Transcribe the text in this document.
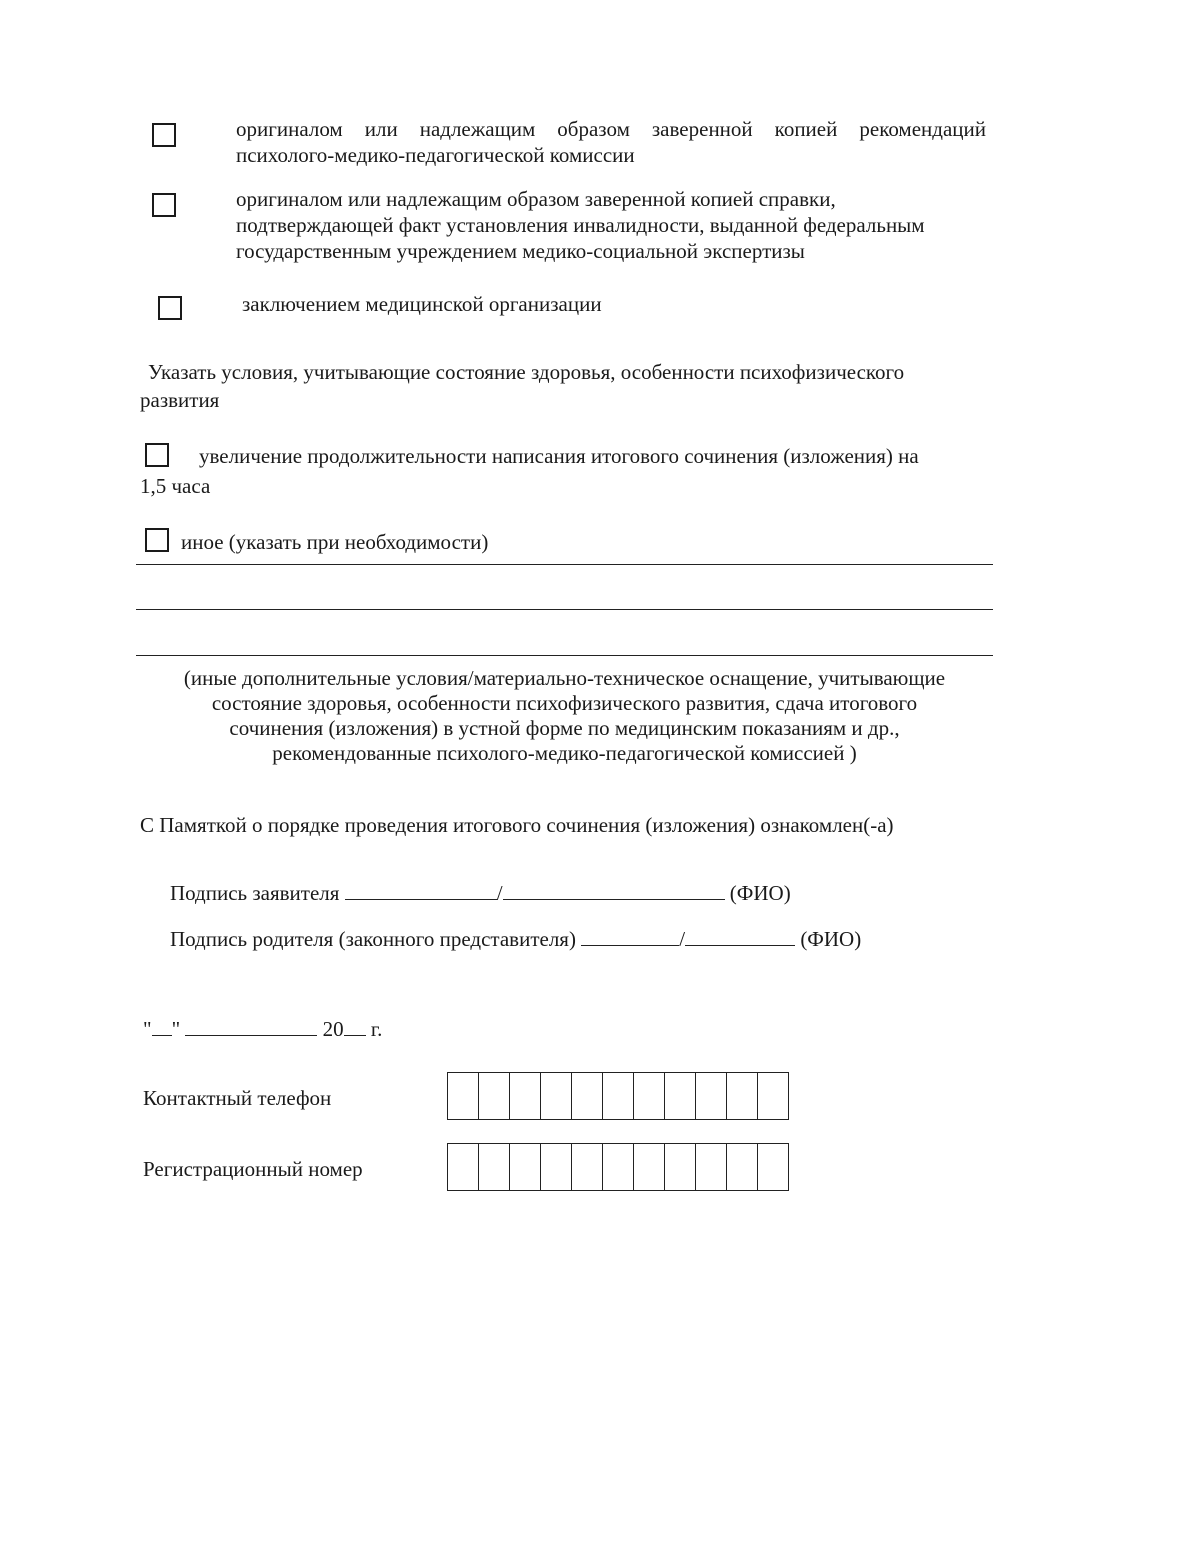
оригиналом или надлежащим образом заверенной копией рекомендаций психолого-медико-педагогической комиссии
оригиналом или надлежащим образом заверенной копией справки,
подтверждающей факт установления инвалидности, выданной федеральным
государственным учреждением медико-социальной экспертизы
заключением медицинской организации
Указать условия, учитывающие состояние здоровья, особенности психофизического
развития
увеличение продолжительности написания итогового сочинения (изложения) на
1,5 часа
иное (указать при необходимости)
(иные дополнительные условия/материально-техническое оснащение, учитывающие
состояние здоровья, особенности психофизического развития, сдача итогового
сочинения (изложения) в устной форме по медицинским показаниям и др.,
рекомендованные психолого-медико-педагогической комиссией )
С Памяткой о порядке проведения итогового сочинения (изложения) ознакомлен(-а)
Подпись заявителя	/	(ФИО)
Подпись родителя (законного представителя)	/	(ФИО)
" "	20 г.
Контактный телефон
Регистрационный номер
